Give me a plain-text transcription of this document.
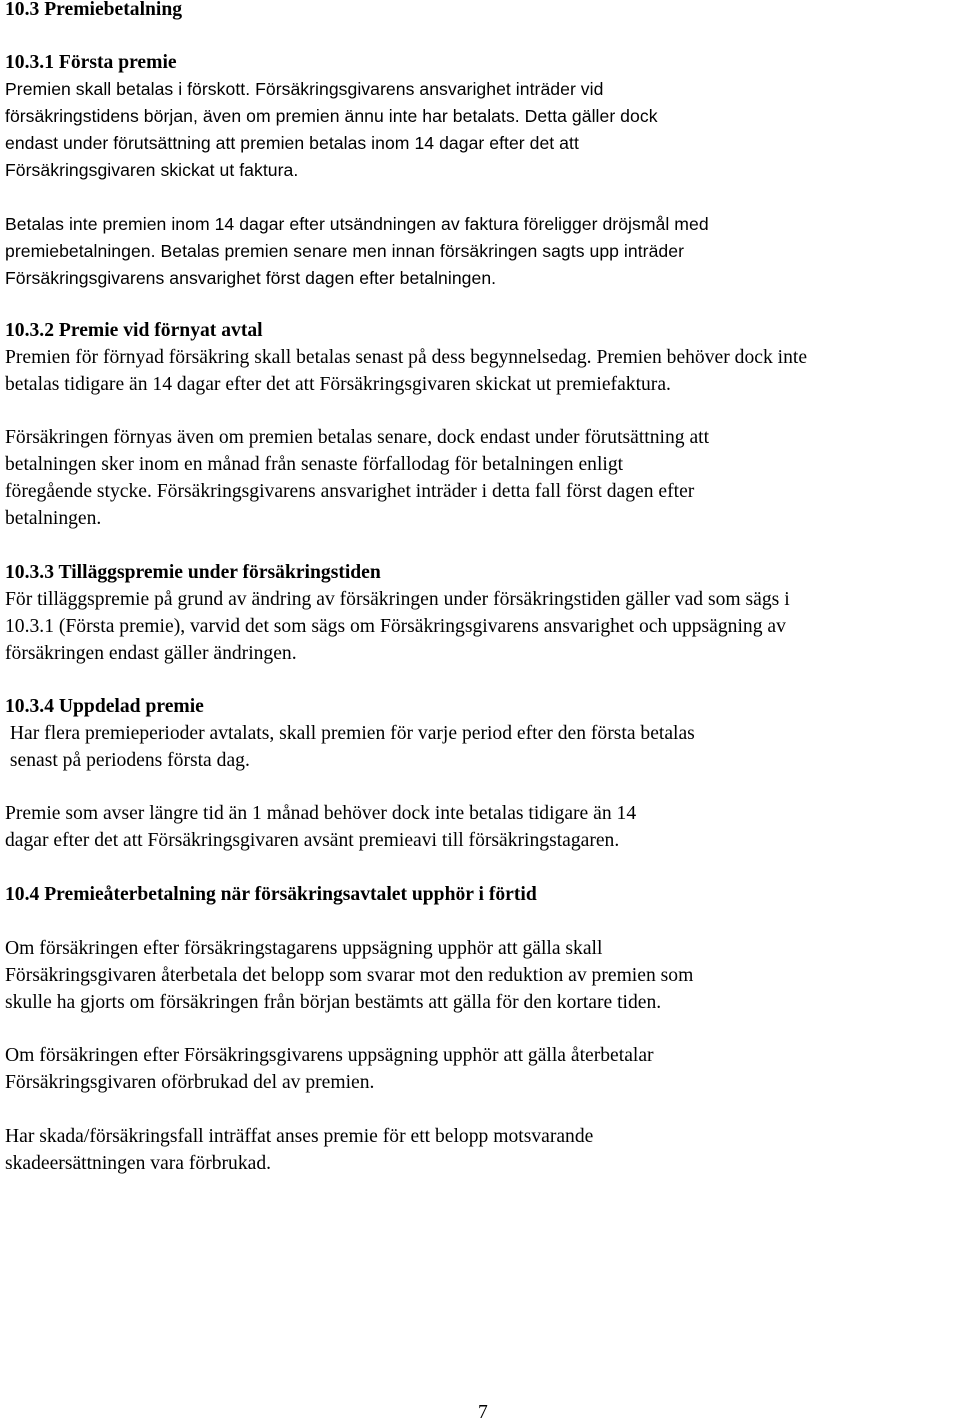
10.3 Premiebetalning
10.3.1 Första premie
Premien skall betalas i förskott. Försäkringsgivarens ansvarighet inträder vid
försäkringstidens början, även om premien ännu inte har betalats. Detta gäller dock
endast under förutsättning att premien betalas inom 14 dagar efter det att
Försäkringsgivaren skickat ut faktura.
Betalas inte premien inom 14 dagar efter utsändningen av faktura föreligger dröjsmål med
premiebetalningen. Betalas premien senare men innan försäkringen sagts upp inträder
Försäkringsgivarens ansvarighet först dagen efter betalningen.
10.3.2 Premie vid förnyat avtal
Premien för förnyad försäkring skall betalas senast på dess begynnelsedag. Premien behöver dock inte
betalas tidigare än 14 dagar efter det att Försäkringsgivaren skickat ut premiefaktura.
Försäkringen förnyas även om premien betalas senare, dock endast under förutsättning att
betalningen sker inom en månad från senaste förfallodag för betalningen enligt
föregående stycke. Försäkringsgivarens ansvarighet inträder i detta fall först dagen efter
betalningen.
10.3.3 Tilläggspremie under försäkringstiden
För tilläggspremie på grund av ändring av försäkringen under försäkringstiden gäller vad som sägs i
10.3.1 (Första premie), varvid det som sägs om Försäkringsgivarens ansvarighet och uppsägning av
försäkringen endast gäller ändringen.
10.3.4 Uppdelad premie
Har flera premieperioder avtalats, skall premien för varje period efter den första betalas
senast på periodens första dag.
Premie som avser längre tid än 1 månad behöver dock inte betalas tidigare än 14
dagar efter det att Försäkringsgivaren avsänt premieavi till försäkringstagaren.
10.4 Premieåterbetalning när försäkringsavtalet upphör i förtid
Om försäkringen efter försäkringstagarens uppsägning upphör att gälla skall
Försäkringsgivaren återbetala det belopp som svarar mot den reduktion av premien som
skulle ha gjorts om försäkringen från början bestämts att gälla för den kortare tiden.
Om försäkringen efter Försäkringsgivarens uppsägning upphör att gälla återbetalar
Försäkringsgivaren oförbrukad del av premien.
Har skada/försäkringsfall inträffat anses premie för ett belopp motsvarande
skadeersättningen vara förbrukad.
7
